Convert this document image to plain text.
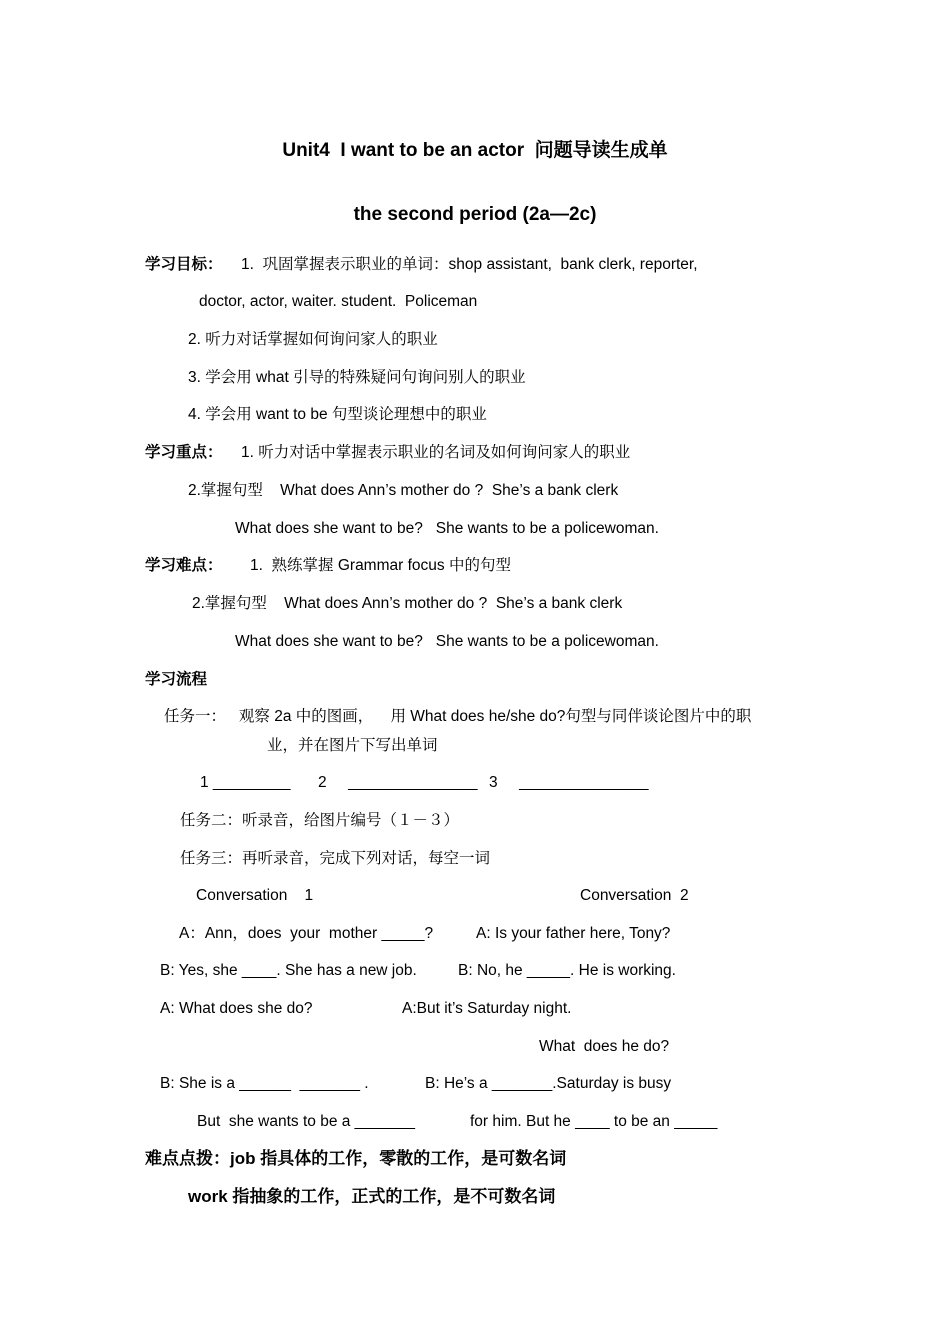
Unit4  I want to be an actor  问题导读生成单
the second period (2a—2c)
学习目标： 1.  巩固掌握表示职业的单词：shop assistant,  bank clerk, reporter,
doctor, actor, waiter. student.  Policeman
2. 听力对话掌握如何询问家人的职业
3. 学会用 what 引导的特殊疑问句询问别人的职业
4. 学会用 want to be 句型谈论理想中的职业
学习重点： 1. 听力对话中掌握表示职业的名词及如何询问家人的职业
2.掌握句型    What does Ann’s mother do ?  She’s a bank clerk
What does she want to be?   She wants to be a policewoman.
学习难点： 1.  熟练掌握 Grammar focus 中的句型
2.掌握句型    What does Ann’s mother do ?  She’s a bank clerk
What does she want to be?   She wants to be a policewoman.
学习流程
任务一：   观察 2a 中的图画，    用 What does he/she do?句型与同伴谈论图片中的职
业，并在图片下写出单词
1 _________ 2     _______________ 3     _______________
任务二：听录音，给图片编号（１－３）
任务三：再听录音，完成下列对话，每空一词
Conversation    1	Conversation  2
A：Ann，does  your  mother _____?	A: Is your father here, Tony?
B: Yes, she ____. She has a new job.	B: No, he _____. He is working.
A: What does she do?	A:But it’s Saturday night.
What  does he do?
B: She is a ______  _______ .	B: He’s a _______.Saturday is busy
But  she wants to be a _______	for him. But he ____ to be an _____
难点点拨：job 指具体的工作，零散的工作，是可数名词
work 指抽象的工作，正式的工作，是不可数名词
